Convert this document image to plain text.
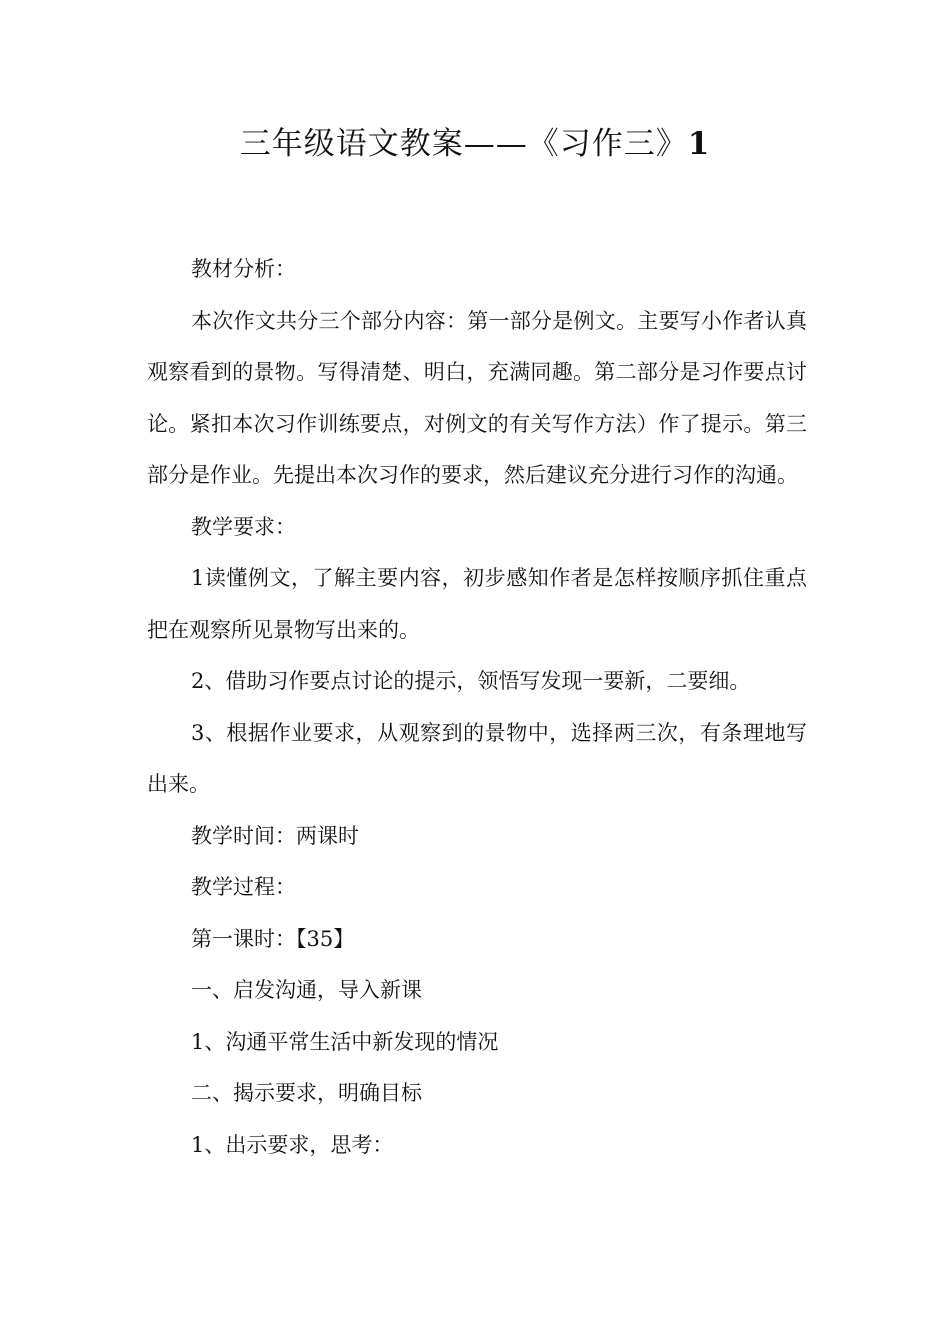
三年级语文教案——《习作三》1

教材分析：

本次作文共分三个部分内容：第一部分是例文。主要写小作者认真观察看到的景物。写得清楚、明白，充满同趣。第二部分是习作要点讨论。紧扣本次习作训练要点，对例文的有关写作方法）作了提示。第三部分是作业。先提出本次习作的要求，然后建议充分进行习作的沟通。

教学要求：

1读懂例文，了解主要内容，初步感知作者是怎样按顺序抓住重点把在观察所见景物写出来的。

2、借助习作要点讨论的提示，领悟写发现一要新，二要细。

3、根据作业要求，从观察到的景物中，选择两三次，有条理地写出来。

教学时间：两课时

教学过程：

第一课时：【35】

一、启发沟通，导入新课

1、沟通平常生活中新发现的情况

二、揭示要求，明确目标

1、出示要求，思考：
